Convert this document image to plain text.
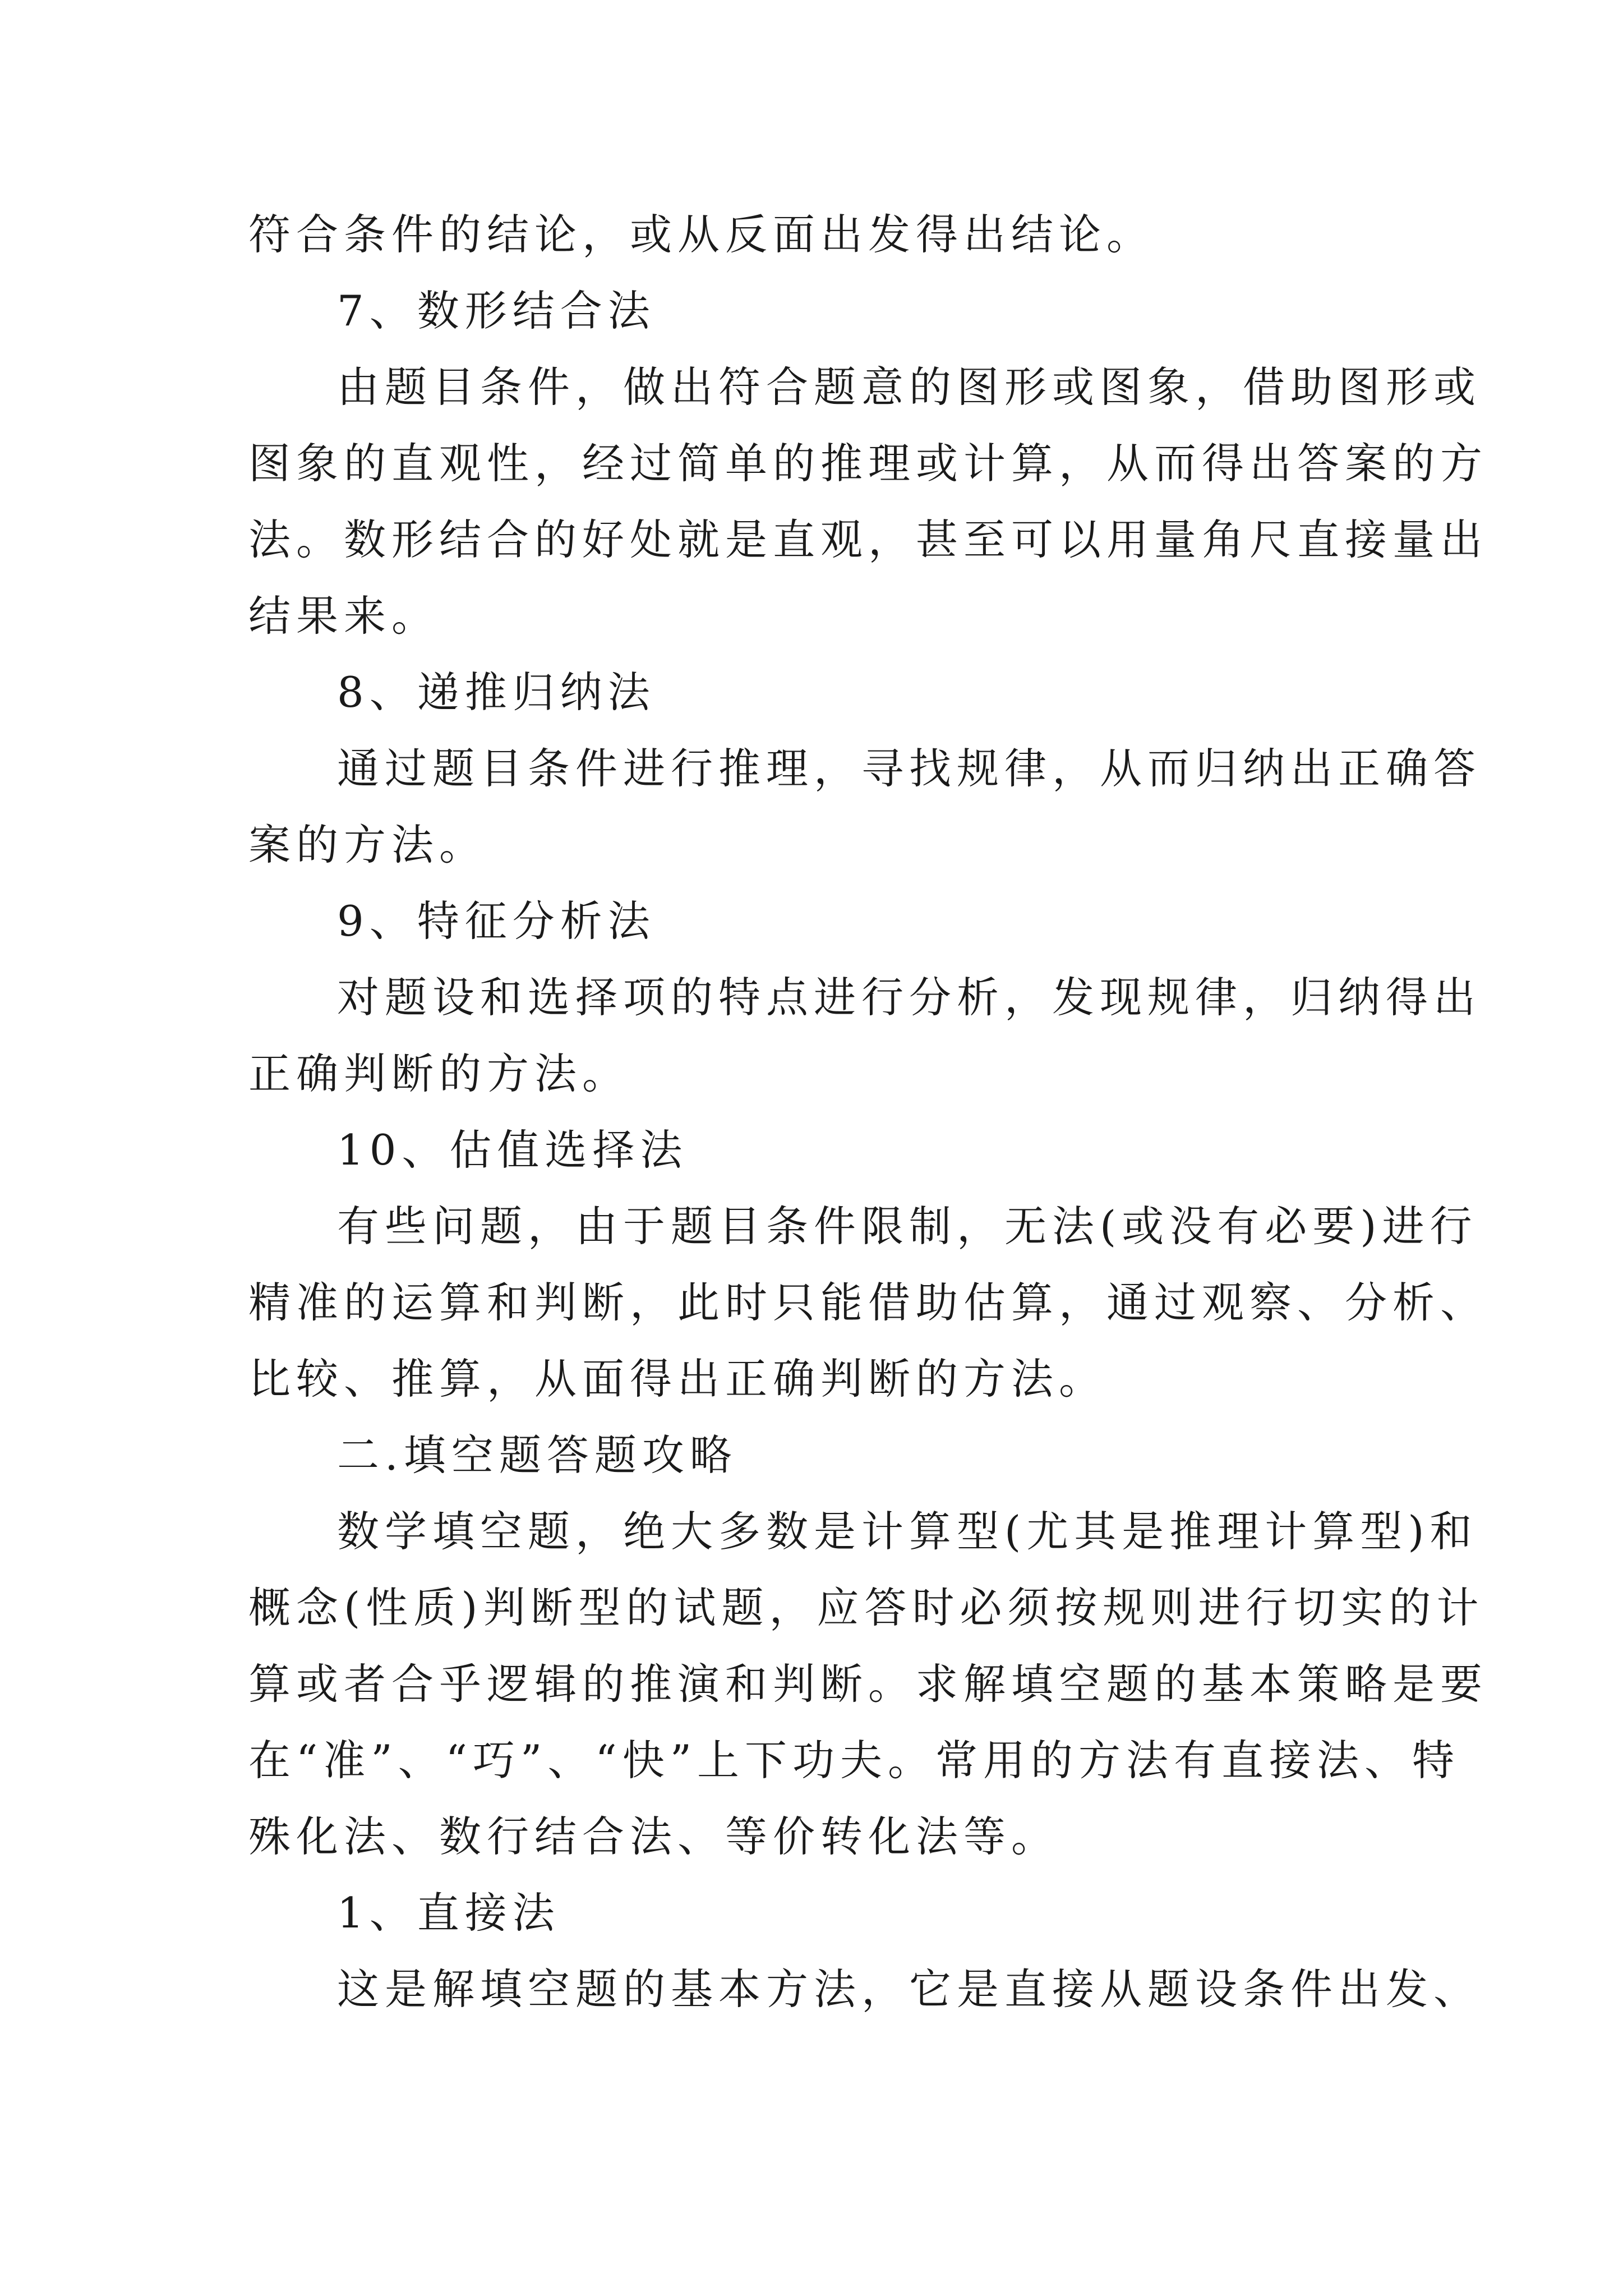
符合条件的结论，或从反面出发得出结论。
7、数形结合法
由题目条件，做出符合题意的图形或图象，借助图形或
图象的直观性，经过简单的推理或计算，从而得出答案的方
法。数形结合的好处就是直观，甚至可以用量角尺直接量出
结果来。
8、递推归纳法
通过题目条件进行推理，寻找规律，从而归纳出正确答
案的方法。
9、特征分析法
对题设和选择项的特点进行分析，发现规律，归纳得出
正确判断的方法。
10、估值选择法
有些问题，由于题目条件限制，无法(或没有必要)进行
精准的运算和判断，此时只能借助估算，通过观察、分析、
比较、推算，从面得出正确判断的方法。
二.填空题答题攻略
数学填空题，绝大多数是计算型(尤其是推理计算型)和
概念(性质)判断型的试题，应答时必须按规则进行切实的计
算或者合乎逻辑的推演和判断。求解填空题的基本策略是要
在“准”、“巧”、“快”上下功夫。常用的方法有直接法、特
殊化法、数行结合法、等价转化法等。
1、直接法
这是解填空题的基本方法，它是直接从题设条件出发、
